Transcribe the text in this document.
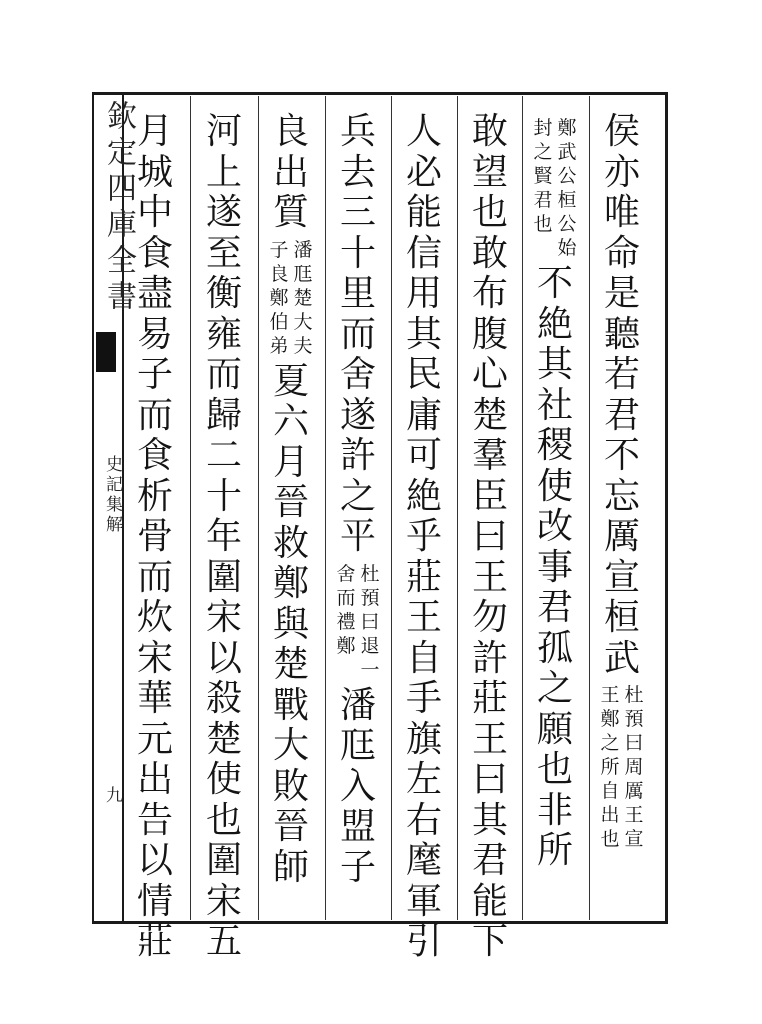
欽定四庫全書
史記集解
九
侯
亦
唯
命
是
聽
若
君
不
忘
厲
宣
桓
武
杜
預
曰
周
厲
王
宣
王
鄭
之
所
自
出
也
鄭
武
公
桓
公
始
封
之
賢
君
也
不
絶
其
社
稷
使
改
事
君
孤
之
願
也
非
所
敢
望
也
敢
布
腹
心
楚
羣
臣
曰
王
勿
許
莊
王
曰
其
君
能
下
人
必
能
信
用
其
民
庸
可
絶
乎
莊
王
自
手
旗
左
右
麾
軍
引
兵
去
三
十
里
而
舍
遂
許
之
平
杜
預
曰
退
一
舍
而
禮
鄭
潘
尫
入
盟
子
良
出
質
潘
尫
楚
大
夫
子
良
鄭
伯
弟
夏
六
月
晉
救
鄭
與
楚
戰
大
敗
晉
師
河
上
遂
至
衡
雍
而
歸
二
十
年
圍
宋
以
殺
楚
使
也
圍
宋
五
月
城
中
食
盡
易
子
而
食
析
骨
而
炊
宋
華
元
出
告
以
情
莊
